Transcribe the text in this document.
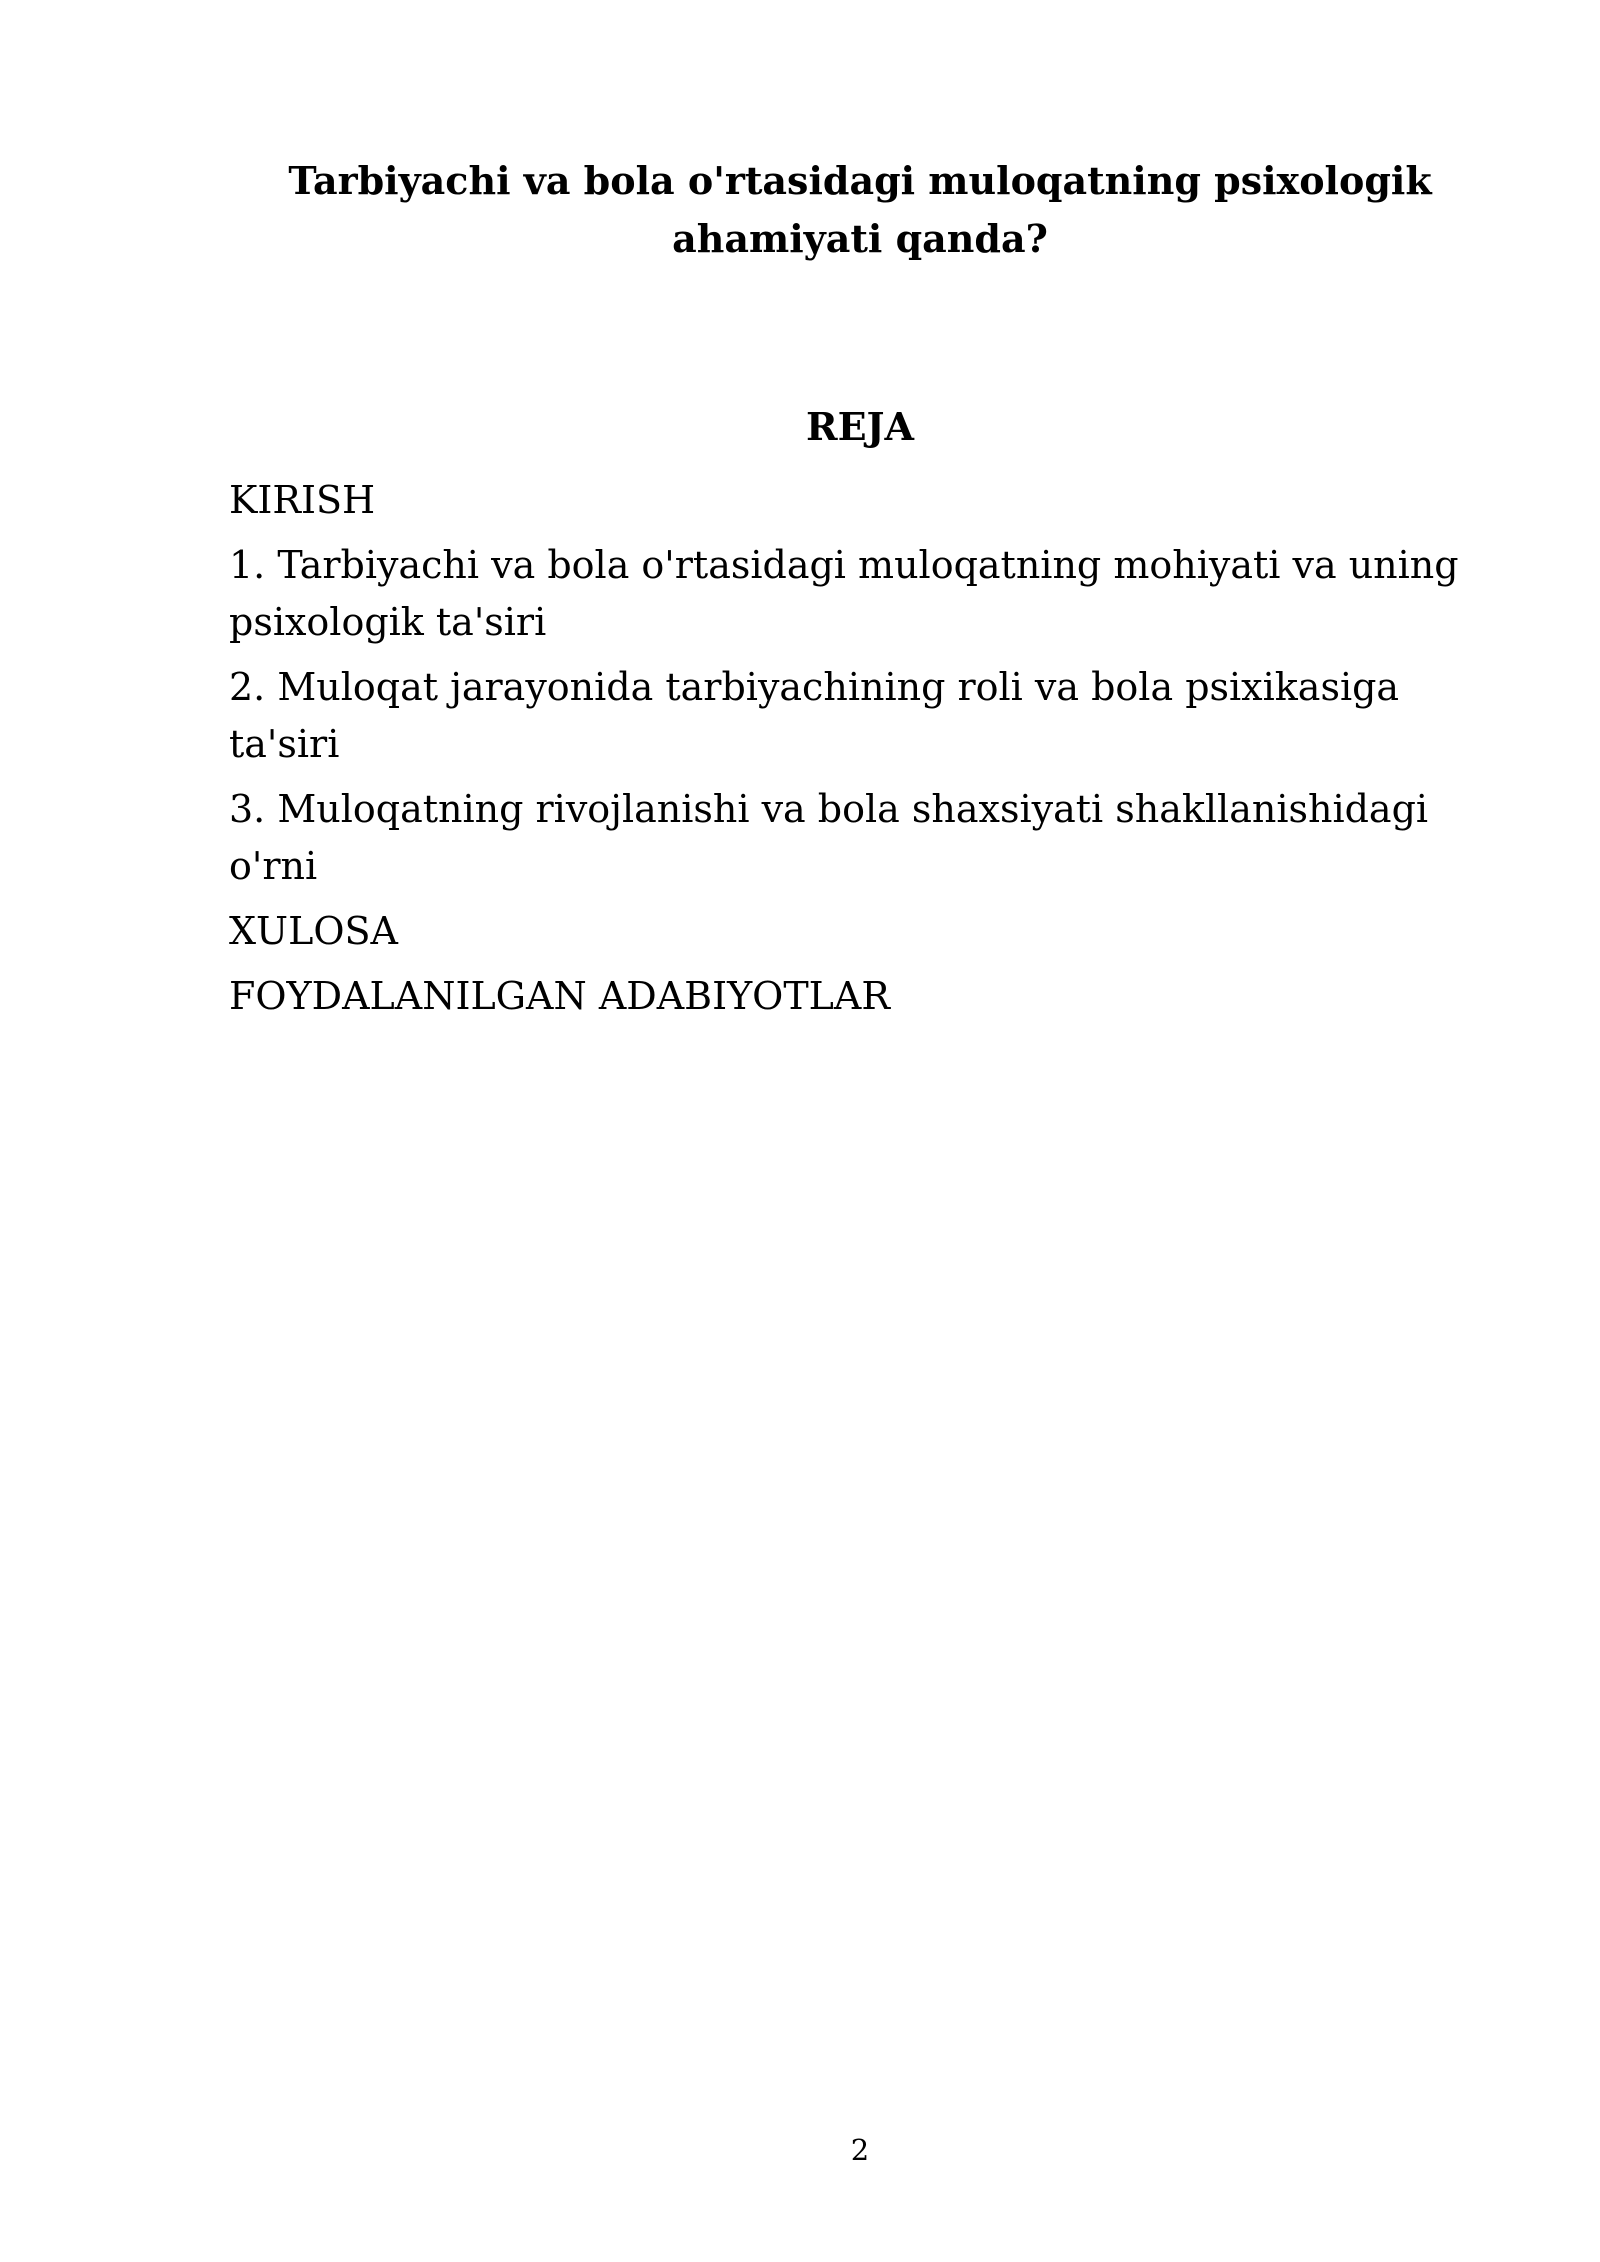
Tarbiyachi va bola o'rtasidagi muloqatning psixologik ahamiyati qanda?
REJA
KIRISH
1. Tarbiyachi va bola o'rtasidagi muloqatning mohiyati va uning psixologik ta'siri
2. Muloqat jarayonida tarbiyachining roli va bola psixikasiga ta'siri
3. Muloqatning rivojlanishi va bola shaxsiyati shakllanishidagi o'rni
XULOSA
FOYDALANILGAN ADABIYOTLAR
2
